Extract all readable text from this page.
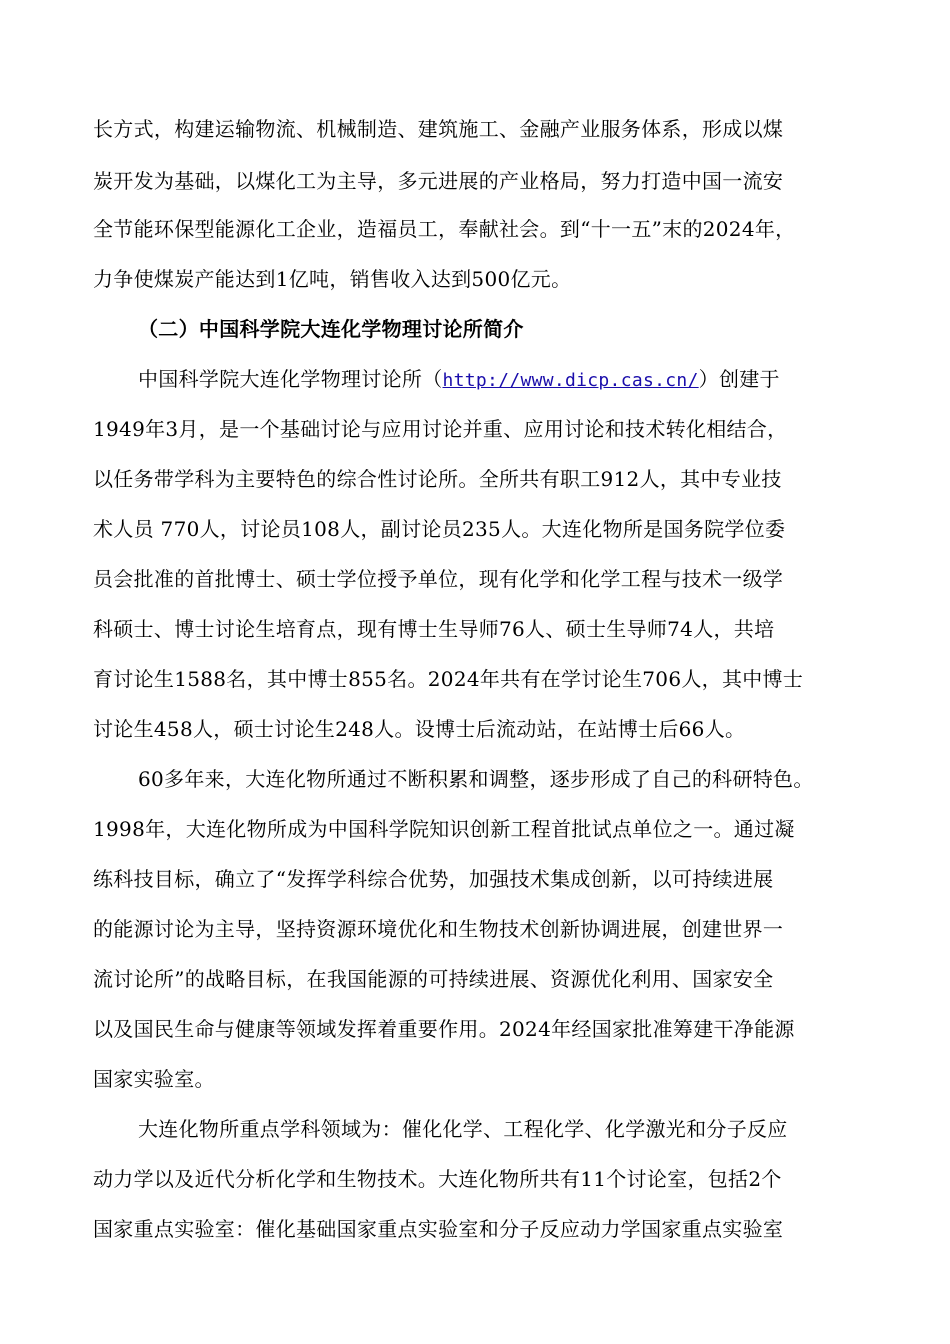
长方式，构建运输物流、机械制造、建筑施工、金融产业服务体系，形成以煤
炭开发为基础，以煤化工为主导，多元进展的产业格局，努力打造中国一流安
全节能环保型能源化工企业，造福员工，奉献社会。到“十一五”末的2024年，
力争使煤炭产能达到1亿吨，销售收入达到500亿元。
（二）中国科学院大连化学物理讨论所简介
中国科学院大连化学物理讨论所（http://www.dicp.cas.cn/）创建于
1949年3月，是一个基础讨论与应用讨论并重、应用讨论和技术转化相结合，
以任务带学科为主要特色的综合性讨论所。全所共有职工912人，其中专业技
术人员 770人，讨论员108人，副讨论员235人。大连化物所是国务院学位委
员会批准的首批博士、硕士学位授予单位，现有化学和化学工程与技术一级学
科硕士、博士讨论生培育点，现有博士生导师76人、硕士生导师74人，共培
育讨论生1588名，其中博士855名。2024年共有在学讨论生706人，其中博士
讨论生458人，硕士讨论生248人。设博士后流动站，在站博士后66人。
60多年来，大连化物所通过不断积累和调整，逐步形成了自己的科研特色。
1998年，大连化物所成为中国科学院知识创新工程首批试点单位之一。通过凝
练科技目标，确立了“发挥学科综合优势，加强技术集成创新，以可持续进展
的能源讨论为主导，坚持资源环境优化和生物技术创新协调进展，创建世界一
流讨论所”的战略目标，在我国能源的可持续进展、资源优化利用、国家安全
以及国民生命与健康等领域发挥着重要作用。2024年经国家批准筹建干净能源
国家实验室。
大连化物所重点学科领域为：催化化学、工程化学、化学激光和分子反应
动力学以及近代分析化学和生物技术。大连化物所共有11个讨论室，包括2个
国家重点实验室：催化基础国家重点实验室和分子反应动力学国家重点实验室
